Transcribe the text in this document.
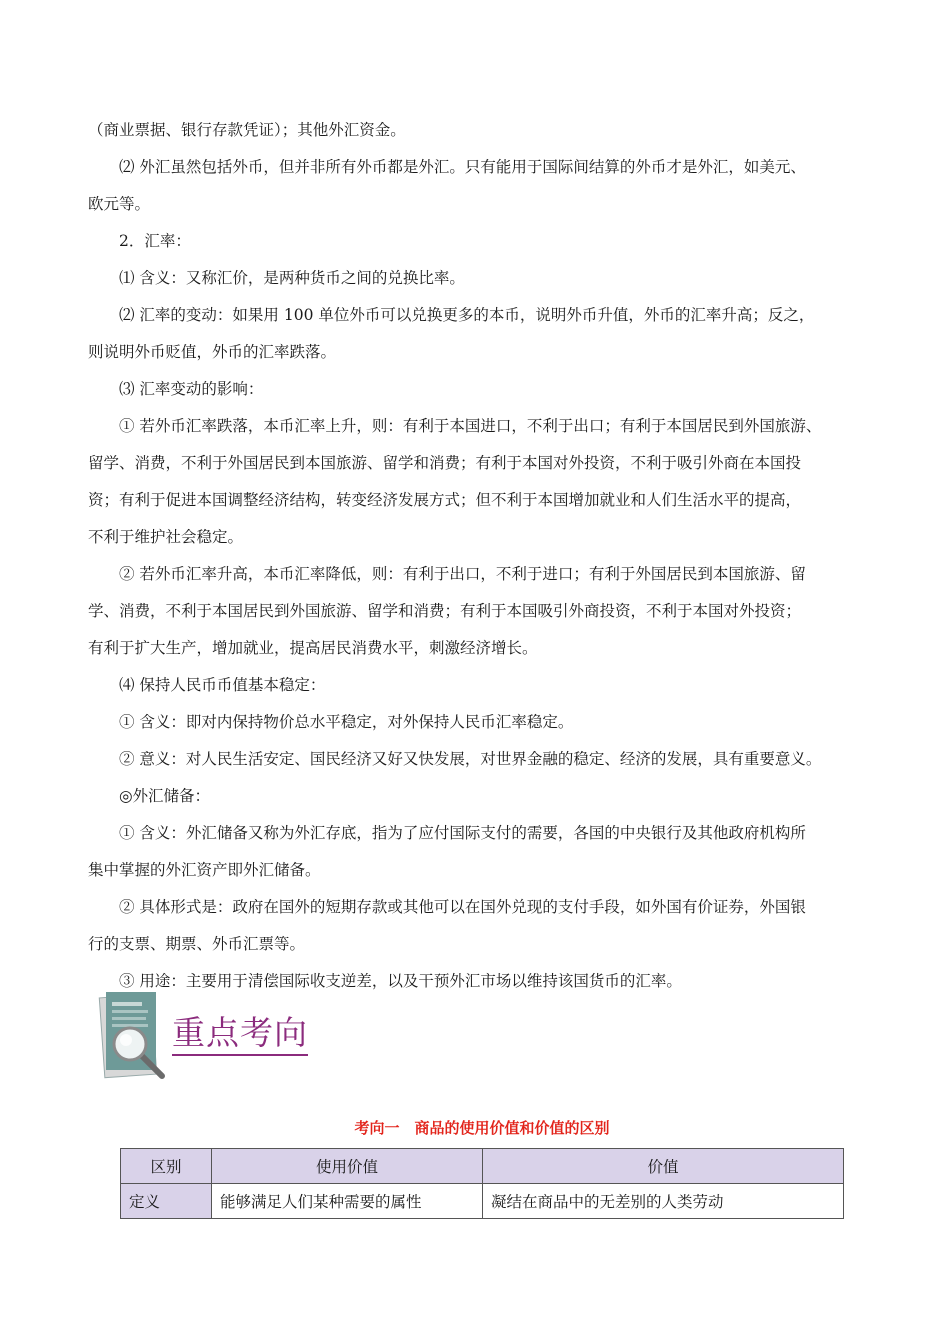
（商业票据、银行存款凭证）；其他外汇资金。

⑵ 外汇虽然包括外币，但并非所有外币都是外汇。只有能用于国际间结算的外币才是外汇，如美元、

欧元等。

2．汇率：

⑴ 含义：又称汇价，是两种货币之间的兑换比率。

⑵ 汇率的变动：如果用 100 单位外币可以兑换更多的本币，说明外币升值，外币的汇率升高；反之，

则说明外币贬值，外币的汇率跌落。

⑶ 汇率变动的影响：

① 若外币汇率跌落，本币汇率上升，则：有利于本国进口，不利于出口；有利于本国居民到外国旅游、

留学、消费，不利于外国居民到本国旅游、留学和消费；有利于本国对外投资，不利于吸引外商在本国投

资；有利于促进本国调整经济结构，转变经济发展方式；但不利于本国增加就业和人们生活水平的提高，

不利于维护社会稳定。

② 若外币汇率升高，本币汇率降低，则：有利于出口，不利于进口；有利于外国居民到本国旅游、留

学、消费，不利于本国居民到外国旅游、留学和消费；有利于本国吸引外商投资，不利于本国对外投资；

有利于扩大生产，增加就业，提高居民消费水平，刺激经济增长。

⑷ 保持人民币币值基本稳定：

① 含义：即对内保持物价总水平稳定，对外保持人民币汇率稳定。

② 意义：对人民生活安定、国民经济又好又快发展，对世界金融的稳定、经济的发展，具有重要意义。

◎外汇储备：

① 含义：外汇储备又称为外汇存底，指为了应付国际支付的需要，各国的中央银行及其他政府机构所

集中掌握的外汇资产即外汇储备。

② 具体形式是：政府在国外的短期存款或其他可以在国外兑现的支付手段，如外国有价证券，外国银

行的支票、期票、外币汇票等。

③ 用途：主要用于清偿国际收支逆差，以及干预外汇市场以维持该国货币的汇率。

重点考向
考向一　商品的使用价值和价值的区别
区别	使用价值	价值
定义	能够满足人们某种需要的属性	凝结在商品中的无差别的人类劳动
